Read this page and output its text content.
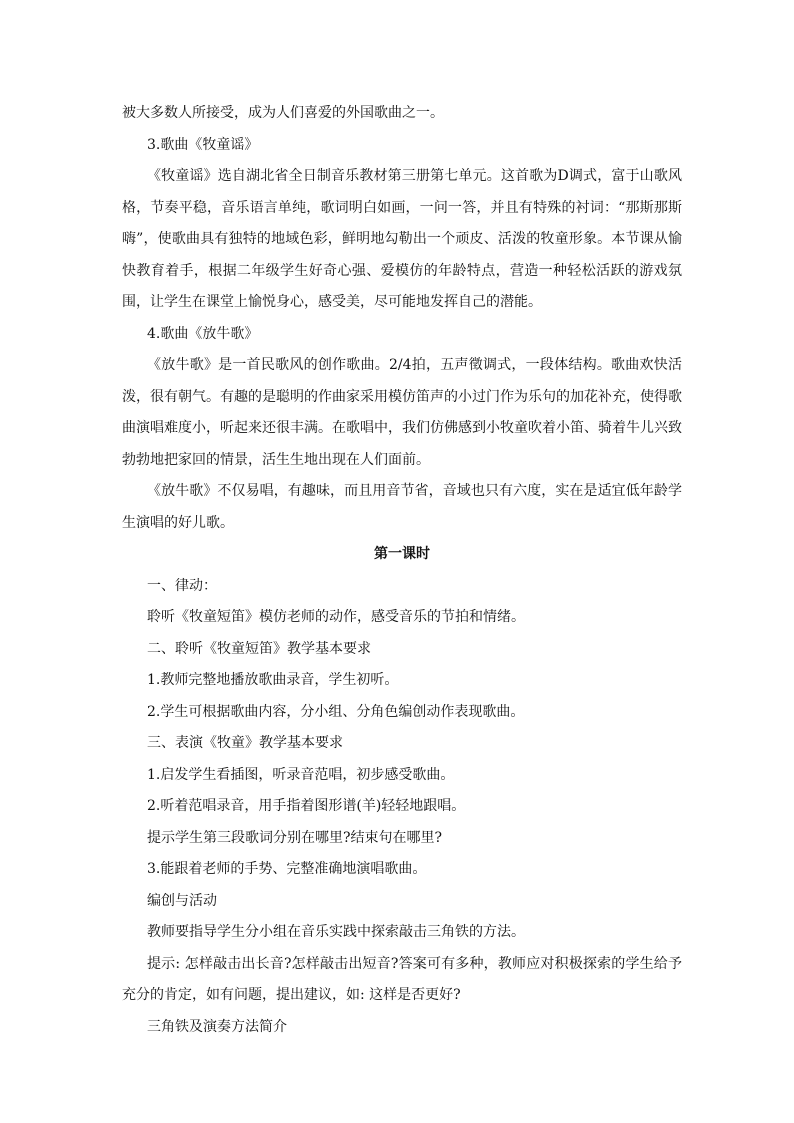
被大多数人所接受，成为人们喜爱的外国歌曲之一。

3.歌曲《牧童谣》

《牧童谣》选自湖北省全日制音乐教材第三册第七单元。这首歌为D调式，富于山歌风格，节奏平稳，音乐语言单纯，歌词明白如画，一问一答，并且有特殊的衬词：“那斯那斯嗨”，使歌曲具有独特的地域色彩，鲜明地勾勒出一个顽皮、活泼的牧童形象。本节课从愉快教育着手，根据二年级学生好奇心强、爱模仿的年龄特点，营造一种轻松活跃的游戏氛围，让学生在课堂上愉悦身心，感受美，尽可能地发挥自己的潜能。

4.歌曲《放牛歌》

《放牛歌》是一首民歌风的创作歌曲。2/4拍，五声徵调式，一段体结构。歌曲欢快活泼，很有朝气。有趣的是聪明的作曲家采用模仿笛声的小过门作为乐句的加花补充，使得歌曲演唱难度小，听起来还很丰满。在歌唱中，我们仿佛感到小牧童吹着小笛、骑着牛儿兴致勃勃地把家回的情景，活生生地出现在人们面前。

《放牛歌》不仅易唱，有趣味，而且用音节省，音域也只有六度，实在是适宜低年龄学生演唱的好儿歌。

第一课时

一、律动：

聆听《牧童短笛》模仿老师的动作，感受音乐的节拍和情绪。

二、聆听《牧童短笛》教学基本要求

1.教师完整地播放歌曲录音，学生初听。

2.学生可根据歌曲内容，分小组、分角色编创动作表现歌曲。

三、表演《牧童》教学基本要求

1.启发学生看插图，听录音范唱，初步感受歌曲。

2.听着范唱录音，用手指着图形谱(羊)轻轻地跟唱。

提示学生第三段歌词分别在哪里?结束句在哪里?

3.能跟着老师的手势、完整准确地演唱歌曲。

编创与活动

教师要指导学生分小组在音乐实践中探索敲击三角铁的方法。

提示: 怎样敲击出长音?怎样敲击出短音?答案可有多种，教师应对积极探索的学生给予充分的肯定，如有问题，提出建议，如: 这样是否更好?

三角铁及演奏方法简介
